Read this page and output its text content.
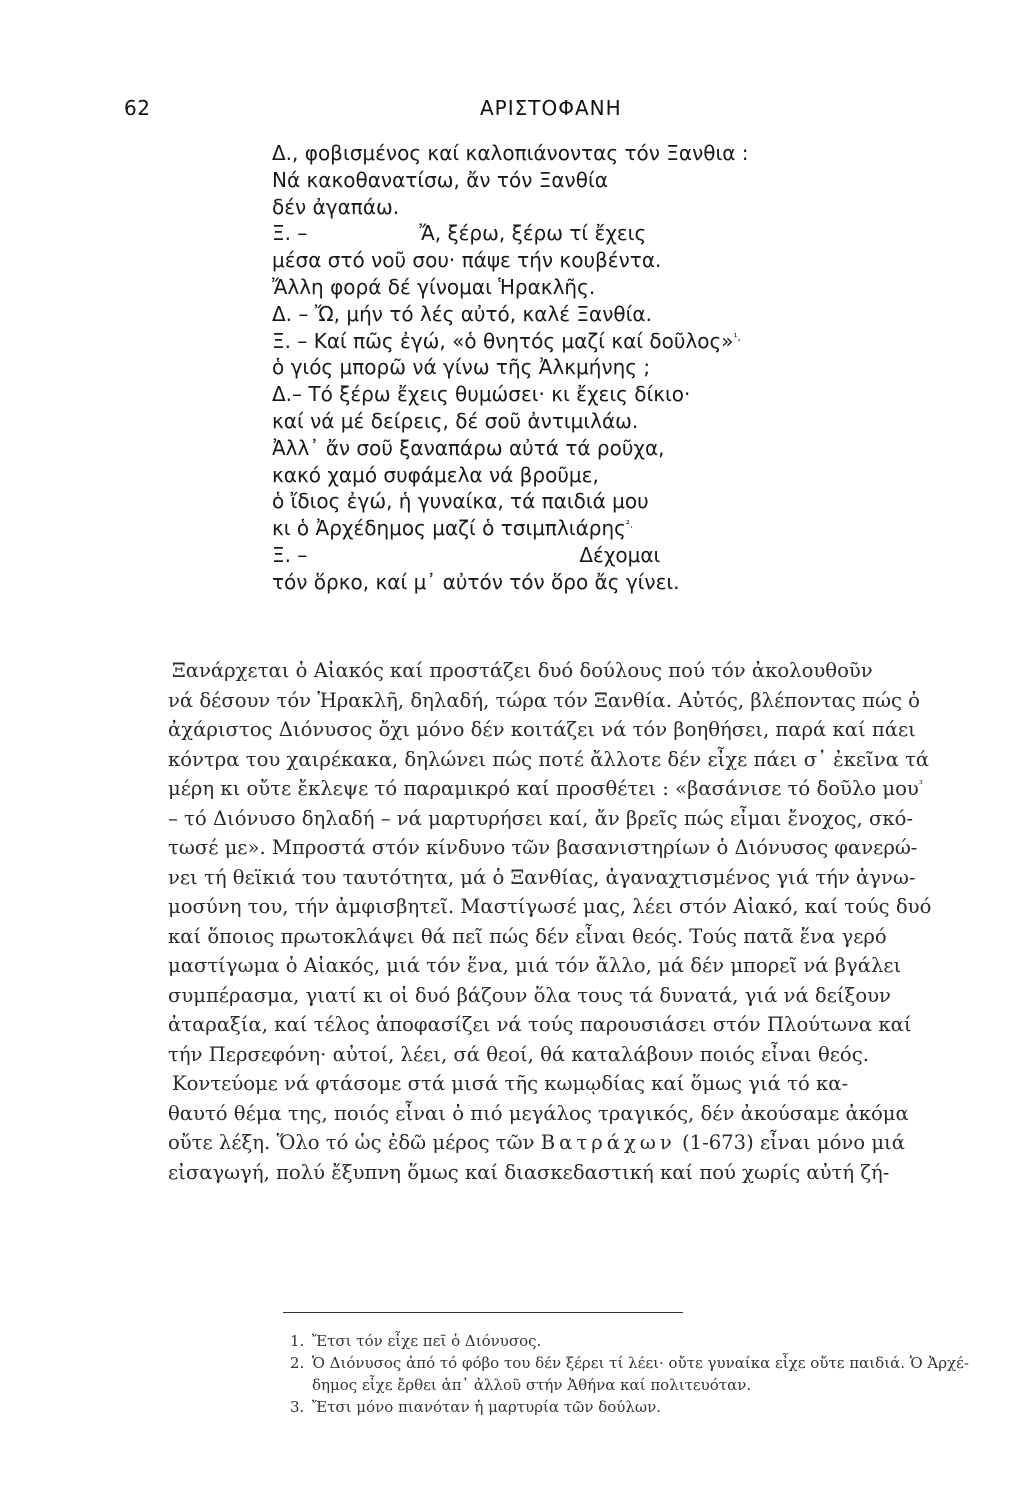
62	ΑΡΙΣΤΟΦΑΝΗ
Δ., φοβισμένος καί καλοπιάνοντας τόν Ξανθια :
Νά κακοθανατίσω, ἄν τόν Ξανθία
δέν ἀγαπάω.
Ξ. –	Ἄ, ξέρω, ξέρω τί ἔχεις
μέσα στό νοῦ σου· πάψε τήν κουβέντα.
Ἄλλη φορά δέ γίνομαι Ἡρακλῆς.
Δ. – Ὤ, μήν τό λές αὐτό, καλέ Ξανθία.
Ξ. – Καί πῶς ἐγώ, «ὁ θνητός μαζί καί δοῦλος»$^{^1,}$
ὁ γιός μπορῶ νά γίνω τῆς Ἀλκμήνης ;
Δ.– Τό ξέρω ἔχεις θυμώσει· κι ἔχεις δίκιο·
καί νά μέ δείρεις, δέ σοῦ ἀντιμιλάω.
Ἀλλ᾽ ἄν σοῦ ξαναπάρω αὐτά τά ροῦχα,
κακό χαμό συφάμελα νά βροῦμε,
ὁ ἴδιος ἐγώ, ἡ γυναίκα, τά παιδιά μου
κι ὁ Ἀρχέδημος μαζί ὁ τσιμπλιάρης$^{^2.}$
Ξ. –	Δέχομαι
τόν ὅρκο, καί μ᾽ αὐτόν τόν ὅρο ἄς γίνει.
Ξανάρχεται ὁ Αἰακός καί προστάζει δυό δούλους πού τόν ἀκολουθοῦν
νά δέσουν τόν Ἡρακλῆ, δηλαδή, τώρα τόν Ξανθία. Αὐτός, βλέποντας πώς ὁ
ἀχάριστος Διόνυσος ὄχι μόνο δέν κοιτάζει νά τόν βοηθήσει, παρά καί πάει
κόντρα του χαιρέκακα, δηλώνει πώς ποτέ ἄλλοτε δέν εἶχε πάει σ᾽ ἐκεῖνα τά
μέρη κι οὔτε ἔκλεψε τό παραμικρό καί προσθέτει : «βασάνισε τό δοῦλο μου$^{^3}$
– τό Διόνυσο δηλαδή – νά μαρτυρήσει καί, ἄν βρεῖς πώς εἶμαι ἔνοχος, σκό-
τωσέ με». Μπροστά στόν κίνδυνο τῶν βασανιστηρίων ὁ Διόνυσος φανερώ-
νει τή θεϊκιά του ταυτότητα, μά ὁ Ξανθίας, ἀγαναχτισμένος γιά τήν ἀγνω-
μοσύνη του, τήν ἀμφισβητεῖ. Μαστίγωσέ μας, λέει στόν Αἰακό, καί τούς δυό
καί ὅποιος πρωτοκλάψει θά πεῖ πώς δέν εἶναι θεός. Τούς πατᾶ ἕνα γερό
μαστίγωμα ὁ Αἰακός, μιά τόν ἕνα, μιά τόν ἄλλο, μά δέν μπορεῖ νά βγάλει
συμπέρασμα, γιατί κι οἱ δυό βάζουν ὅλα τους τά δυνατά, γιά νά δείξουν
ἀταραξία, καί τέλος ἀποφασίζει νά τούς παρουσιάσει στόν Πλούτωνα καί
τήν Περσεφόνη· αὐτοί, λέει, σά θεοί, θά καταλάβουν ποιός εἶναι θεός.
Κοντεύομε νά φτάσομε στά μισά τῆς κωμῳδίας καί ὅμως γιά τό κα-
θαυτό θέμα της, ποιός εἶναι ὁ πιό μεγάλος τραγικός, δέν ἀκούσαμε ἀκόμα
οὔτε λέξη. Ὅλο τό ὡς ἐδῶ μέρος τῶν Βατράχων (1-673) εἶναι μόνο μιά
εἰσαγωγή, πολύ ἔξυπνη ὅμως καί διασκεδαστική καί πού χωρίς αὐτή ζή-
1. Ἔτσι τόν εἶχε πεῖ ὁ Διόνυσος.
2. Ὁ Διόνυσος ἀπό τό φόβο του δέν ξέρει τί λέει· οὔτε γυναίκα εἶχε οὔτε παιδιά. Ὁ Ἀρχέ-
δημος εἶχε ἔρθει ἀπ᾽ ἀλλοῦ στήν Ἀθήνα καί πολιτευόταν.
3. Ἔτσι μόνο πιανόταν ἡ μαρτυρία τῶν δούλων.
